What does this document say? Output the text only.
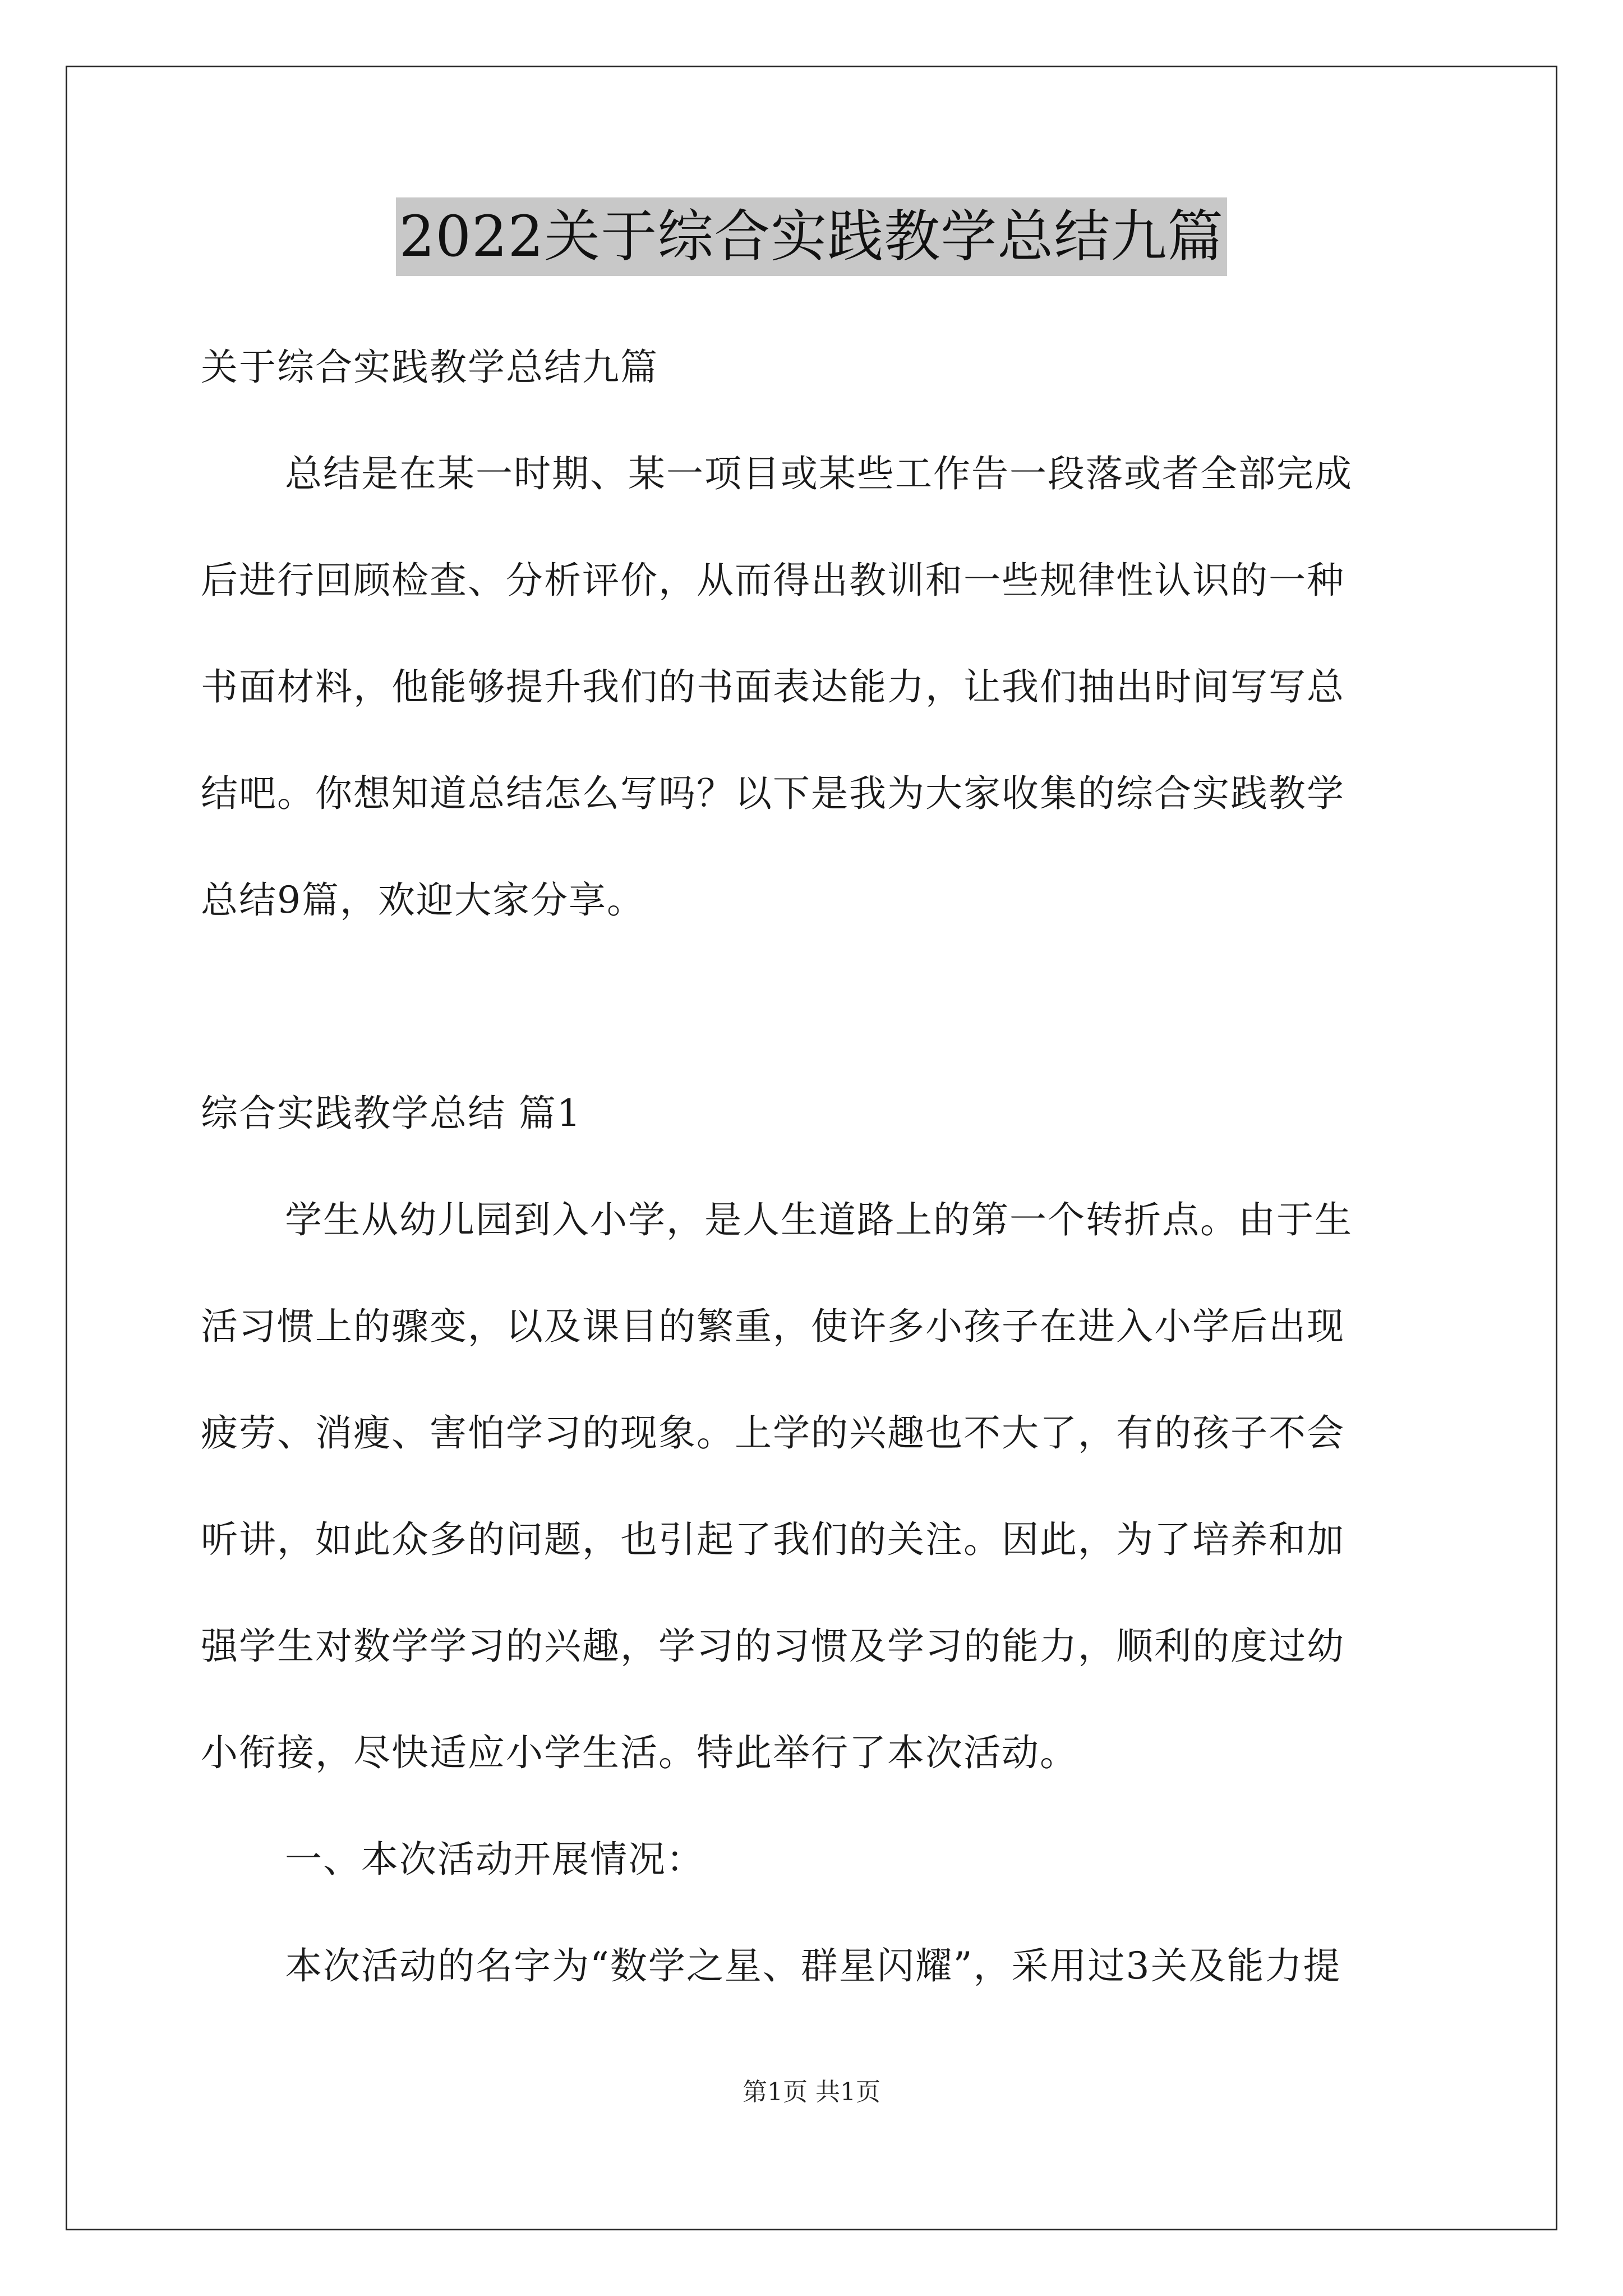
2022关于综合实践教学总结九篇
关于综合实践教学总结九篇
总结是在某一时期、某一项目或某些工作告一段落或者全部完成
后进行回顾检查、分析评价，从而得出教训和一些规律性认识的一种
书面材料，他能够提升我们的书面表达能力，让我们抽出时间写写总
结吧。你想知道总结怎么写吗？以下是我为大家收集的综合实践教学
总结9篇，欢迎大家分享。
综合实践教学总结 篇1
学生从幼儿园到入小学，是人生道路上的第一个转折点。由于生
活习惯上的骤变，以及课目的繁重，使许多小孩子在进入小学后出现
疲劳、消瘦、害怕学习的现象。上学的兴趣也不大了，有的孩子不会
听讲，如此众多的问题，也引起了我们的关注。因此，为了培养和加
强学生对数学学习的兴趣，学习的习惯及学习的能力，顺利的度过幼
小衔接，尽快适应小学生活。特此举行了本次活动。
一、本次活动开展情况：
本次活动的名字为“数学之星、群星闪耀”，采用过3关及能力提
第1页 共1页
